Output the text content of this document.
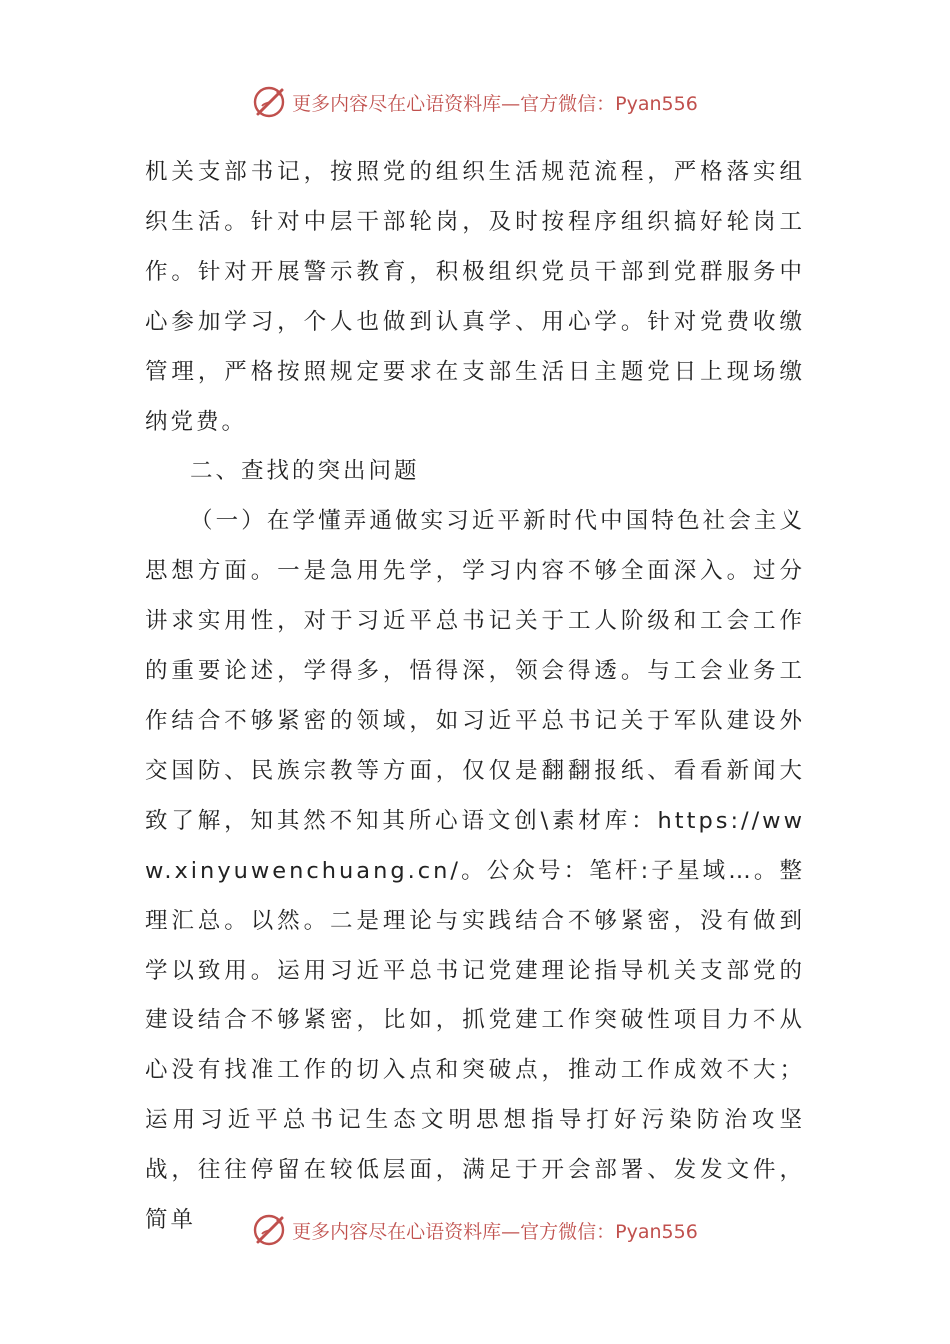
更多内容尽在心语资料库—官方微信：Pyan556

机关支部书记，按照党的组织生活规范流程，严格落实组织生活。针对中层干部轮岗，及时按程序组织搞好轮岗工作。针对开展警示教育，积极组织党员干部到党群服务中心参加学习，个人也做到认真学、用心学。针对党费收缴管理，严格按照规定要求在支部生活日主题党日上现场缴纳党费。

二、查找的突出问题

（一）在学懂弄通做实习近平新时代中国特色社会主义思想方面。一是急用先学，学习内容不够全面深入。过分讲求实用性，对于习近平总书记关于工人阶级和工会工作的重要论述，学得多，悟得深，领会得透。与工会业务工作结合不够紧密的领域，如习近平总书记关于军队建设外交国防、民族宗教等方面，仅仅是翻翻报纸、看看新闻大致了解，知其然不知其所心语文创\素材库：https://www.xinyuwenchuang.cn/。公众号：笔杆:子星域…。整理汇总。以然。二是理论与实践结合不够紧密，没有做到学以致用。运用习近平总书记党建理论指导机关支部党的建设结合不够紧密，比如，抓党建工作突破性项目力不从心没有找准工作的切入点和突破点，推动工作成效不大；运用习近平总书记生态文明思想指导打好污染防治攻坚战，往往停留在较低层面，满足于开会部署、发发文件，简单	更多内容尽在心语资料库—官方微信：Pyan556
